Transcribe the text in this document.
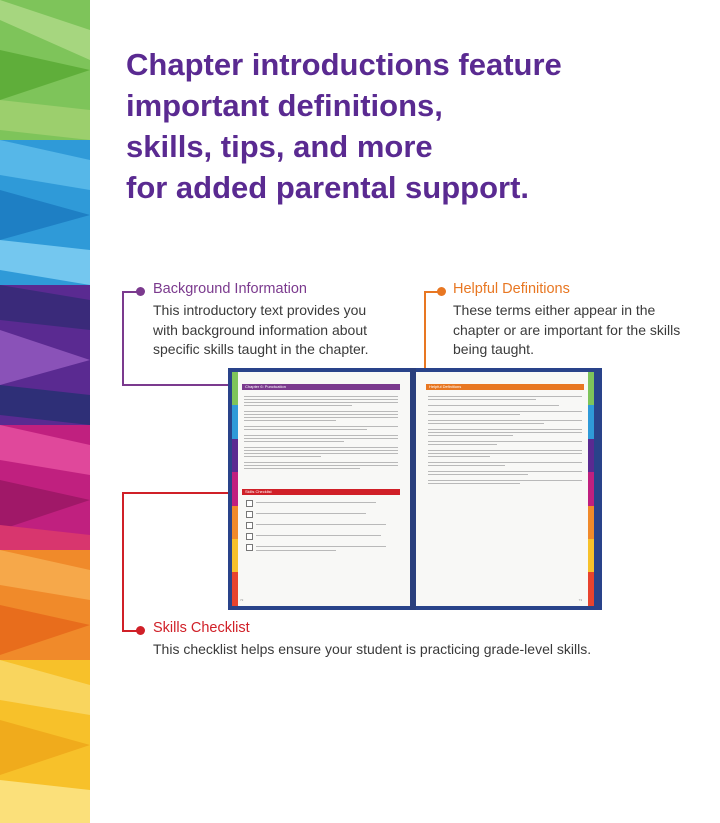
Chapter introductions feature
important definitions,
skills, tips, and more
for added parental support.
Background Information
This introductory text provides you
with background information about
specific skills taught in the chapter.
Helpful Definitions
These terms either appear in the
chapter or are important for the skills
being taught.
Chapter 6: Punctuation
Skills Checklist
72
Helpful Definitions
73
Skills Checklist
This checklist helps ensure your student is practicing grade-level skills.
